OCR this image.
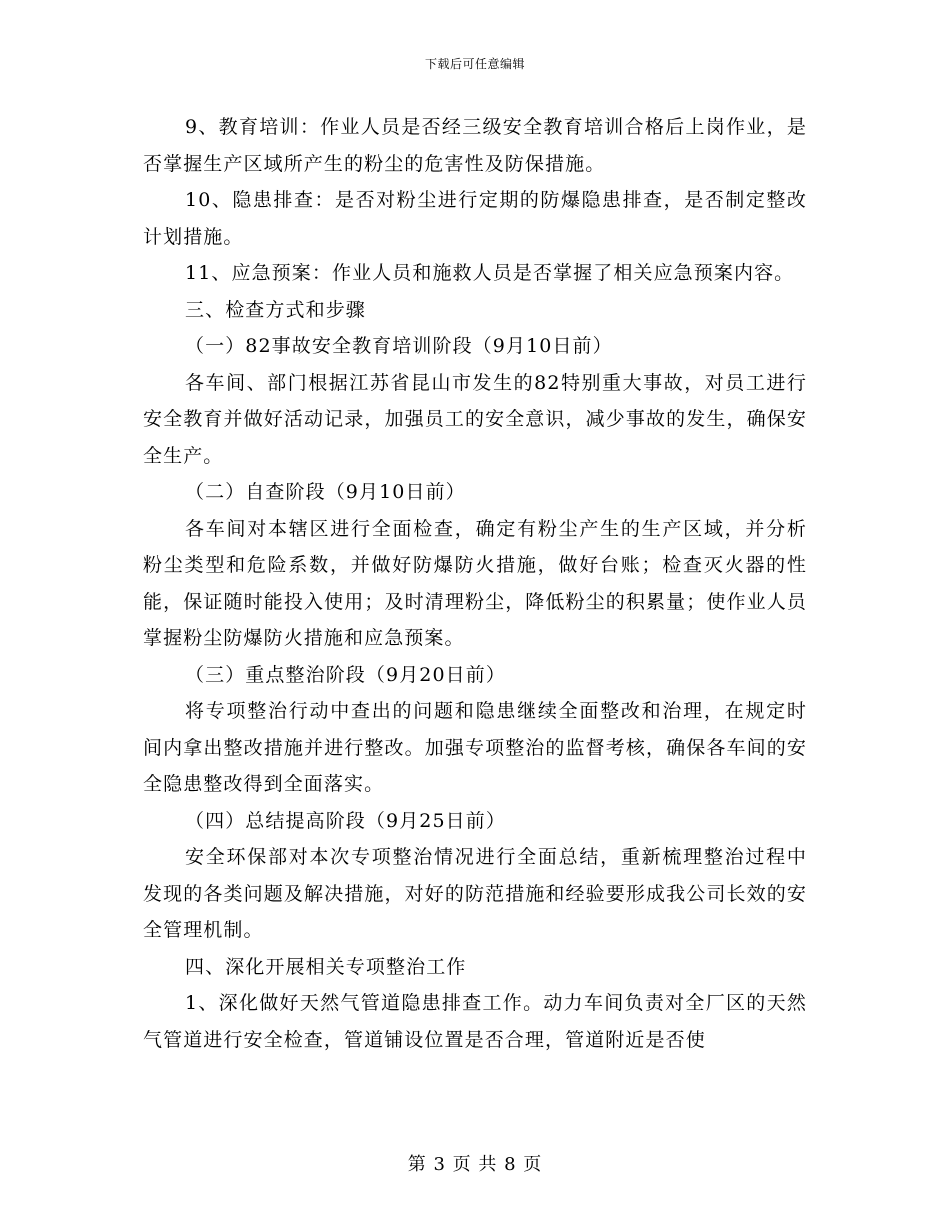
下载后可任意编辑

9、教育培训：作业人员是否经三级安全教育培训合格后上岗作业，是否掌握生产区域所产生的粉尘的危害性及防保措施。

10、隐患排查：是否对粉尘进行定期的防爆隐患排查，是否制定整改计划措施。

11、应急预案：作业人员和施救人员是否掌握了相关应急预案内容。

三、检查方式和步骤

（一）82事故安全教育培训阶段（9月10日前）

各车间、部门根据江苏省昆山市发生的82特别重大事故，对员工进行安全教育并做好活动记录，加强员工的安全意识，减少事故的发生，确保安全生产。

（二）自查阶段（9月10日前）

各车间对本辖区进行全面检查，确定有粉尘产生的生产区域，并分析粉尘类型和危险系数，并做好防爆防火措施，做好台账；检查灭火器的性能，保证随时能投入使用；及时清理粉尘，降低粉尘的积累量；使作业人员掌握粉尘防爆防火措施和应急预案。

（三）重点整治阶段（9月20日前）

将专项整治行动中查出的问题和隐患继续全面整改和治理，在规定时间内拿出整改措施并进行整改。加强专项整治的监督考核，确保各车间的安全隐患整改得到全面落实。

（四）总结提高阶段（9月25日前）

安全环保部对本次专项整治情况进行全面总结，重新梳理整治过程中发现的各类问题及解决措施，对好的防范措施和经验要形成我公司长效的安全管理机制。

四、深化开展相关专项整治工作

1、深化做好天然气管道隐患排查工作。动力车间负责对全厂区的天然气管道进行安全检查，管道铺设位置是否合理，管道附近是否使

第 3 页 共 8 页
